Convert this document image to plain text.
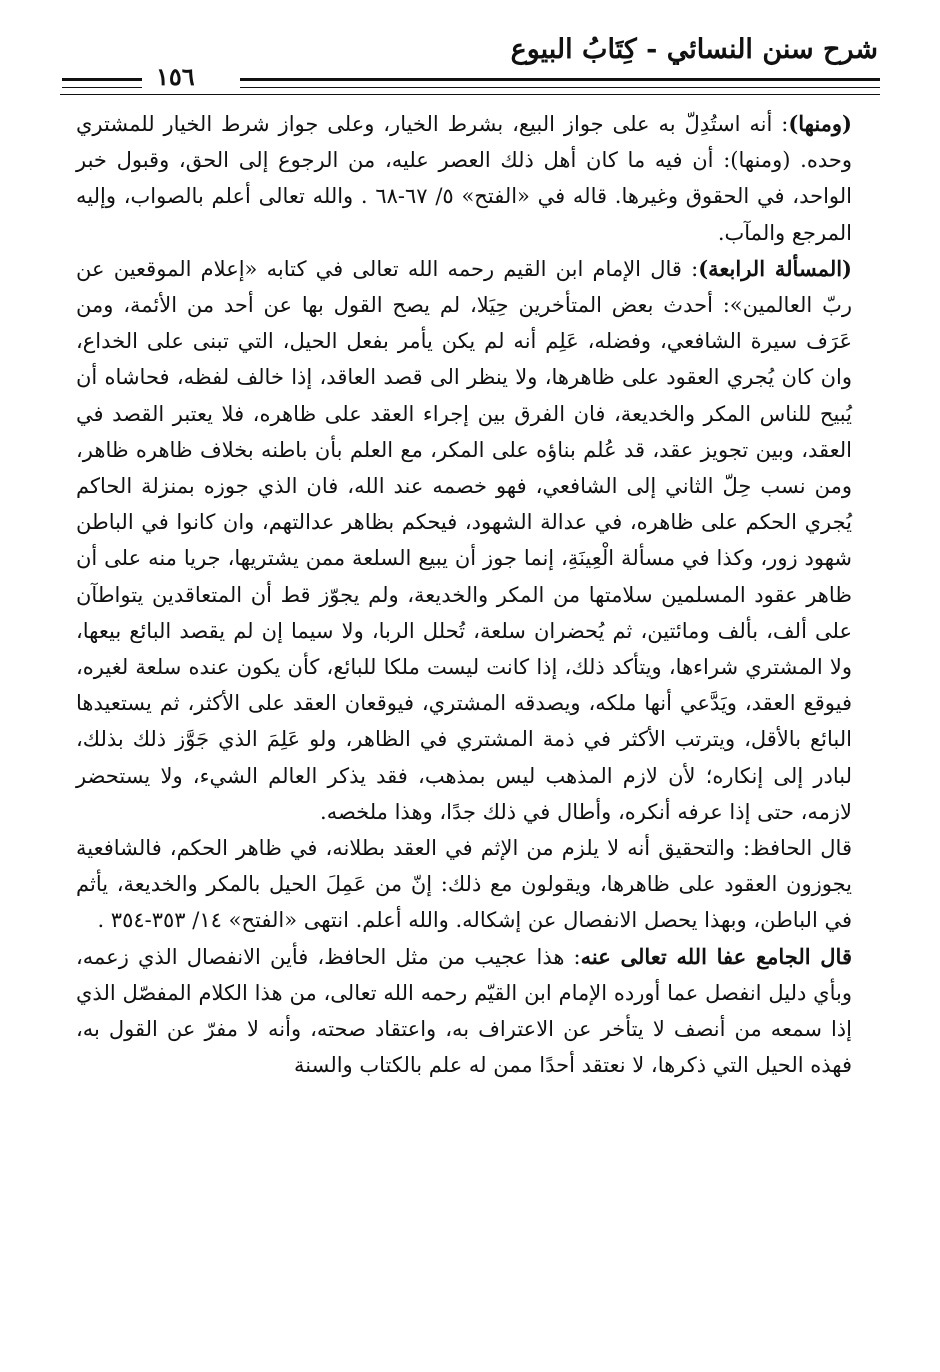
شرح سنن النسائي - كِتَابُ البيوع
١٥٦

(ومنها): أنه استُدِلّ به على جواز البيع، بشرط الخيار، وعلى جواز شرط الخيار للمشتري وحده. (ومنها): أن فيه ما كان أهل ذلك العصر عليه، من الرجوع إلى الحق، وقبول خبر الواحد، في الحقوق وغيرها. قاله في «الفتح» ٥/ ٦٧-٦٨ . والله تعالى أعلم بالصواب، وإليه المرجع والمآب.

(المسألة الرابعة): قال الإمام ابن القيم رحمه الله تعالى في كتابه «إعلام الموقعين عن ربّ العالمين»: أحدث بعض المتأخرين حِيَلا، لم يصح القول بها عن أحد من الأئمة، ومن عَرَف سيرة الشافعي، وفضله، عَلِم أنه لم يكن يأمر بفعل الحيل، التي تبنى على الخداع، وان كان يُجري العقود على ظاهرها، ولا ينظر الى قصد العاقد، إذا خالف لفظه، فحاشاه أن يُبيح للناس المكر والخديعة، فان الفرق بين إجراء العقد على ظاهره، فلا يعتبر القصد في العقد، وبين تجويز عقد، قد عُلم بناؤه على المكر، مع العلم بأن باطنه بخلاف ظاهره ظاهر، ومن نسب حِلّ الثاني إلى الشافعي، فهو خصمه عند الله، فان الذي جوزه بمنزلة الحاكم يُجري الحكم على ظاهره، في عدالة الشهود، فيحكم بظاهر عدالتهم، وان كانوا في الباطن شهود زور، وكذا في مسألة الْعِينَةِ، إنما جوز أن يبيع السلعة ممن يشتريها، جريا منه على أن ظاهر عقود المسلمين سلامتها من المكر والخديعة، ولم يجوّز قط أن المتعاقدين يتواطآن على ألف، بألف ومائتين، ثم يُحضران سلعة، تُحلل الربا، ولا سيما إن لم يقصد البائع بيعها، ولا المشتري شراءها، ويتأكد ذلك، إذا كانت ليست ملكا للبائع، كأن يكون عنده سلعة لغيره، فيوقع العقد، ويَدَّعي أنها ملكه، ويصدقه المشتري، فيوقعان العقد على الأكثر، ثم يستعيدها البائع بالأقل، ويترتب الأكثر في ذمة المشتري في الظاهر، ولو عَلِمَ الذي جَوَّز ذلك بذلك، لبادر إلى إنكاره؛ لأن لازم المذهب ليس بمذهب، فقد يذكر العالم الشيء، ولا يستحضر لازمه، حتى إذا عرفه أنكره، وأطال في ذلك جدًا، وهذا ملخصه.

قال الحافظ: والتحقيق أنه لا يلزم من الإثم في العقد بطلانه، في ظاهر الحكم، فالشافعية يجوزون العقود على ظاهرها، ويقولون مع ذلك: إنّ من عَمِلَ الحيل بالمكر والخديعة، يأثم في الباطن، وبهذا يحصل الانفصال عن إشكاله. والله أعلم. انتهى «الفتح» ١٤/ ٣٥٣-٣٥٤ .

قال الجامع عفا الله تعالى عنه: هذا عجيب من مثل الحافظ، فأين الانفصال الذي زعمه، وبأي دليل انفصل عما أورده الإمام ابن القيّم رحمه الله تعالى، من هذا الكلام المفصّل الذي إذا سمعه من أنصف لا يتأخر عن الاعتراف به، واعتقاد صحته، وأنه لا مفرّ عن القول به، فهذه الحيل التي ذكرها، لا نعتقد أحدًا ممن له علم بالكتاب والسنة
